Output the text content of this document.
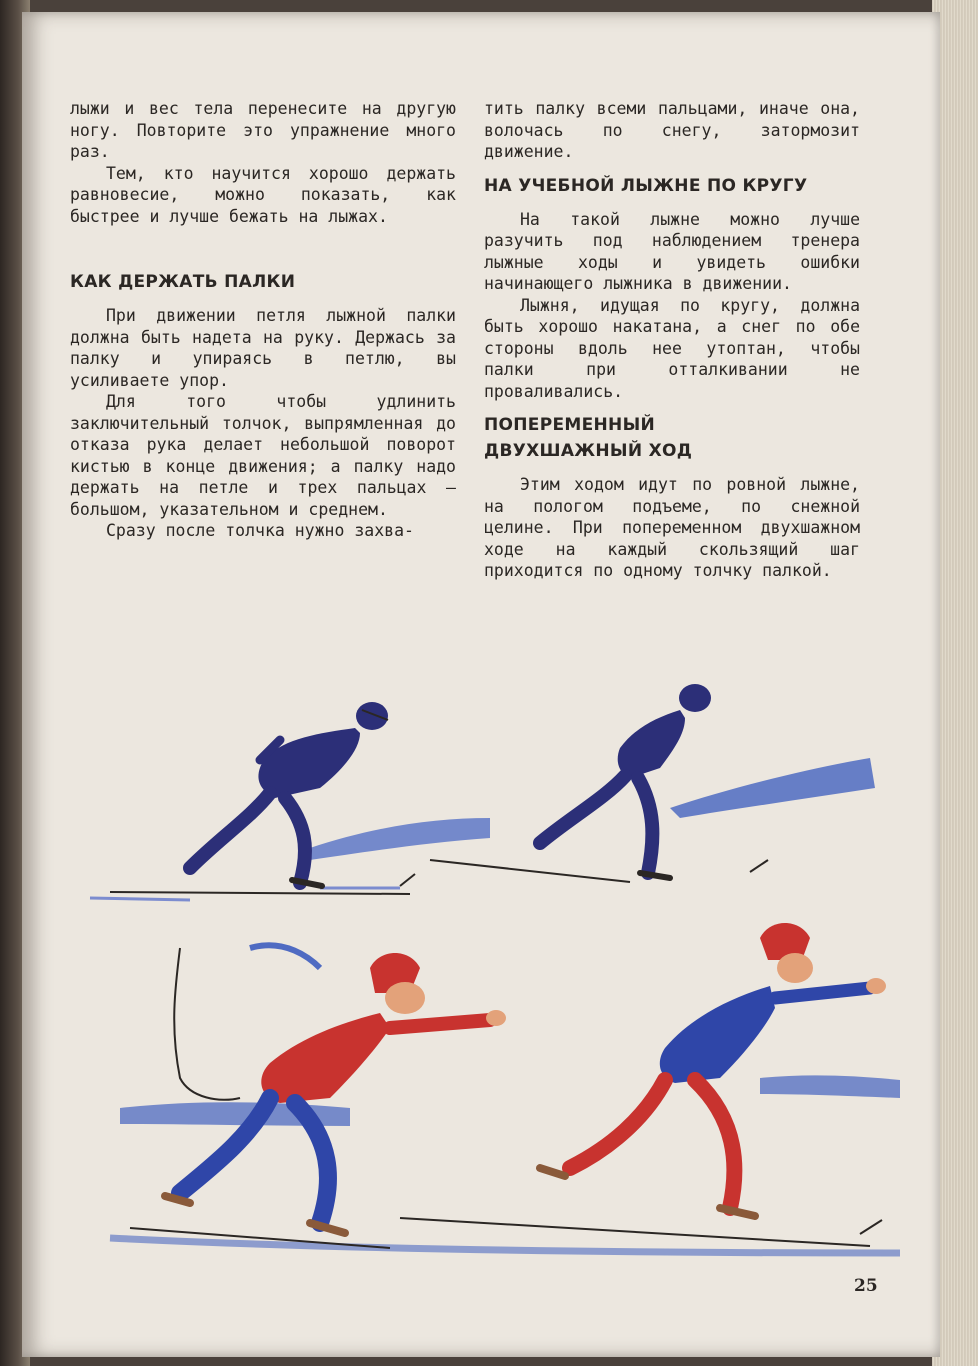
лыжи и вес тела перенесите на другую ногу. Повторите это упражнение много раз.

Тем, кто научится хорошо держать равновесие, можно показать, как быстрее и лучше бежать на лыжах.

КАК ДЕРЖАТЬ ПАЛКИ

При движении петля лыжной палки должна быть надета на руку. Держась за палку и упираясь в петлю, вы усиливаете упор.

Для того чтобы удлинить заключительный толчок, выпрямленная до отказа рука делает небольшой поворот кистью в конце движения; а палку надо держать на петле и трех пальцах — большом, указательном и среднем.

Сразу после толчка нужно захва-

тить палку всеми пальцами, иначе она, волочась по снегу, затормозит движение.

НА УЧЕБНОЙ ЛЫЖНЕ ПО КРУГУ

На такой лыжне можно лучше разучить под наблюдением тренера лыжные ходы и увидеть ошибки начинающего лыжника в движении.

Лыжня, идущая по кругу, должна быть хорошо накатана, а снег по обе стороны вдоль нее утоптан, чтобы палки при отталкивании не проваливались.

ПОПЕРЕМЕННЫЙ
ДВУХШАЖНЫЙ ХОД

Этим ходом идут по ровной лыжне, на пологом подъеме, по снежной целине. При попеременном двухшажном ходе на каждый скользящий шаг приходится по одному толчку палкой.

25
